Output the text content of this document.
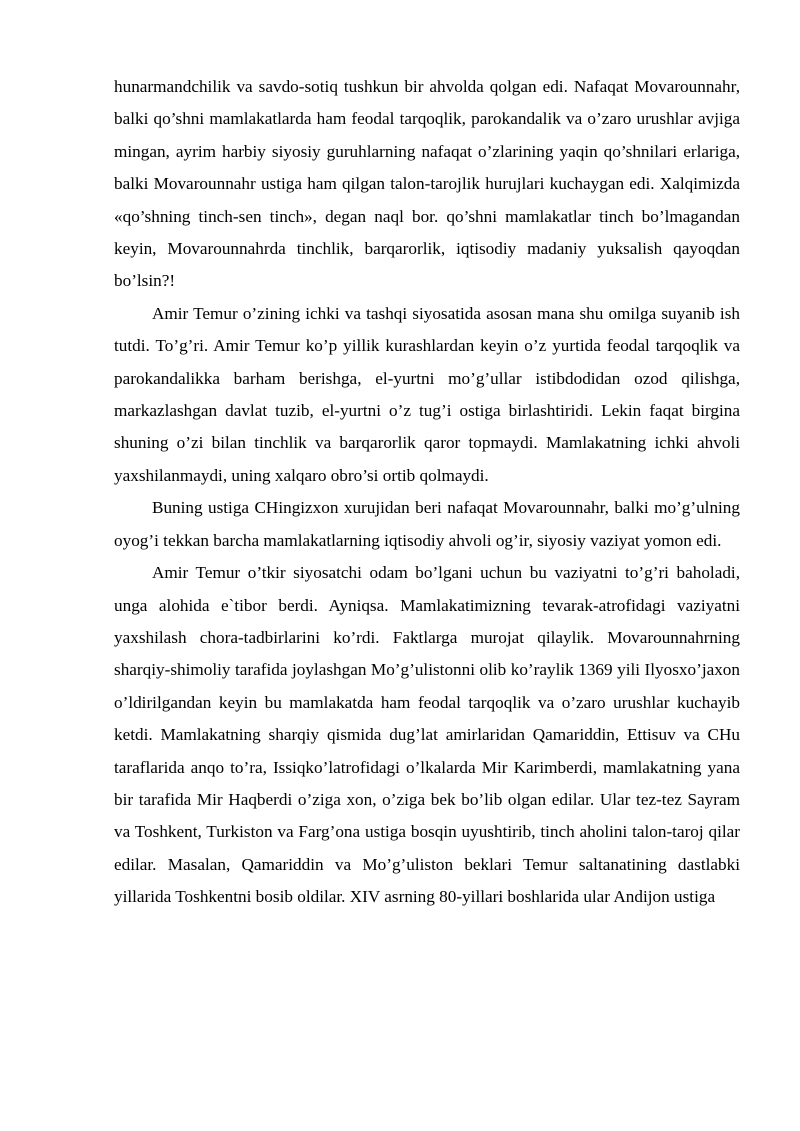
hunarmandchilik va savdo-sotiq tushkun bir ahvolda qolgan edi. Nafaqat Movarounnahr, balki qo’shni mamlakatlarda ham feodal tarqoqlik, parokandalik va o’zaro urushlar avjiga mingan, ayrim harbiy siyosiy guruhlarning nafaqat o’zlarining yaqin qo’shnilari erlariga, balki Movarounnahr ustiga ham qilgan talon-tarojlik hurujlari kuchaygan edi. Xalqimizda «qo’shning tinch-sen tinch», degan naql bor. qo’shni mamlakatlar tinch bo’lmagandan keyin, Movarounnahrda tinchlik, barqarorlik, iqtisodiy madaniy yuksalish qayoqdan bo’lsin?!

Amir Temur o’zining ichki va tashqi siyosatida asosan mana shu omilga suyanib ish tutdi. To’g’ri. Amir Temur ko’p yillik kurashlardan keyin o’z yurtida feodal tarqoqlik va parokandalikka barham berishga, el-yurtni mo’g’ullar istibdodidan ozod qilishga, markazlashgan davlat tuzib, el-yurtni o’z tug’i ostiga birlashtiridi. Lekin faqat birgina shuning o’zi bilan tinchlik va barqarorlik qaror topmaydi. Mamlakatning ichki ahvoli yaxshilanmaydi, uning xalqaro obro’si ortib qolmaydi.

Buning ustiga CHingizxon xurujidan beri nafaqat Movarounnahr, balki mo’g’ulning oyog’i tekkan barcha mamlakatlarning iqtisodiy ahvoli og’ir, siyosiy vaziyat yomon edi.

Amir Temur o’tkir siyosatchi odam bo’lgani uchun bu vaziyatni to’g’ri baholadi, unga alohida e`tibor berdi. Ayniqsa. Mamlakatimizning tevarak-atrofidagi vaziyatni yaxshilash chora-tadbirlarini ko’rdi. Faktlarga murojat qilaylik. Movarounnahrning sharqiy-shimoliy tarafida joylashgan Mo’g’ulistonni olib ko’raylik 1369 yili Ilyosxo’jaxon o’ldirilgandan keyin bu mamlakatda ham feodal tarqoqlik va o’zaro urushlar kuchayib ketdi. Mamlakatning sharqiy qismida dug’lat amirlaridan Qamariddin, Ettisuv va CHu taraflarida anqo to’ra, Issiqko’latrofidagi o’lkalarda Mir Karimberdi, mamlakatning yana bir tarafida Mir Haqberdi o’ziga xon, o’ziga bek bo’lib olgan edilar. Ular tez-tez Sayram va Toshkent, Turkiston va Farg’ona ustiga bosqin uyushtirib, tinch aholini talon-taroj qilar edilar. Masalan, Qamariddin va Mo’g’uliston beklari Temur saltanatining dastlabki yillarida Toshkentni bosib oldilar. XIV asrning 80-yillari boshlarida ular Andijon ustiga
